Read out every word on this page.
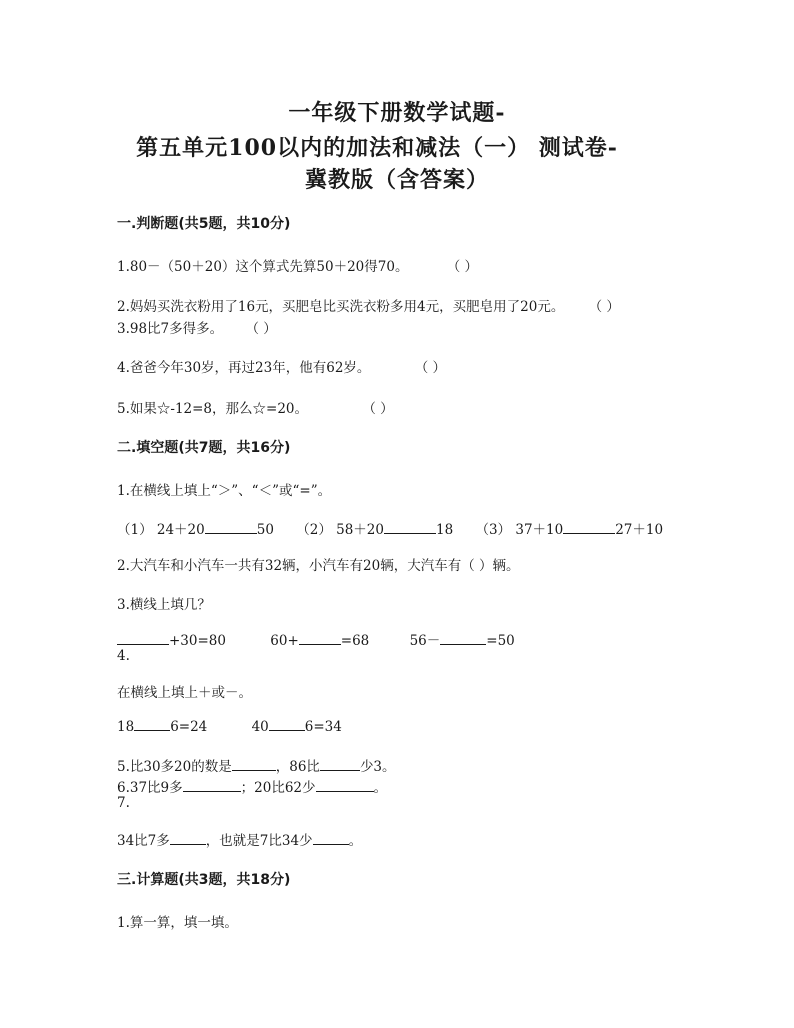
一年级下册数学试题-
第五单元100以内的加法和减法（一） 测试卷-
冀教版（含答案）
一.判断题(共5题，共10分)
1.80－（50＋20）这个算式先算50＋20得70。	（ ）
2.妈妈买洗衣粉用了16元，买肥皂比买洗衣粉多用4元，买肥皂用了20元。 （ ）
3.98比7多得多。 （ ）
4.爸爸今年30岁，再过23年，他有62岁。	（ ）
5.如果☆-12=8，那么☆=20。	（ ）
二.填空题(共7题，共16分)
1.在横线上填上“＞”、“＜”或“=”。
（1） 24＋20	50 （2） 58＋20	18 （3） 37＋10	27＋10
2.大汽车和小汽车一共有32辆，小汽车有20辆，大汽车有（ ）辆。
3.横线上填几？
+30=80	60+	=68	56－	=50
4.
在横线上填上＋或－。
18	6=24	40	6=34
5.比30多20的数是	，86比	少3。
6.37比9多	；20比62少	。
7.
34比7多	，也就是7比34少	。
三.计算题(共3题，共18分)
1.算一算，填一填。
